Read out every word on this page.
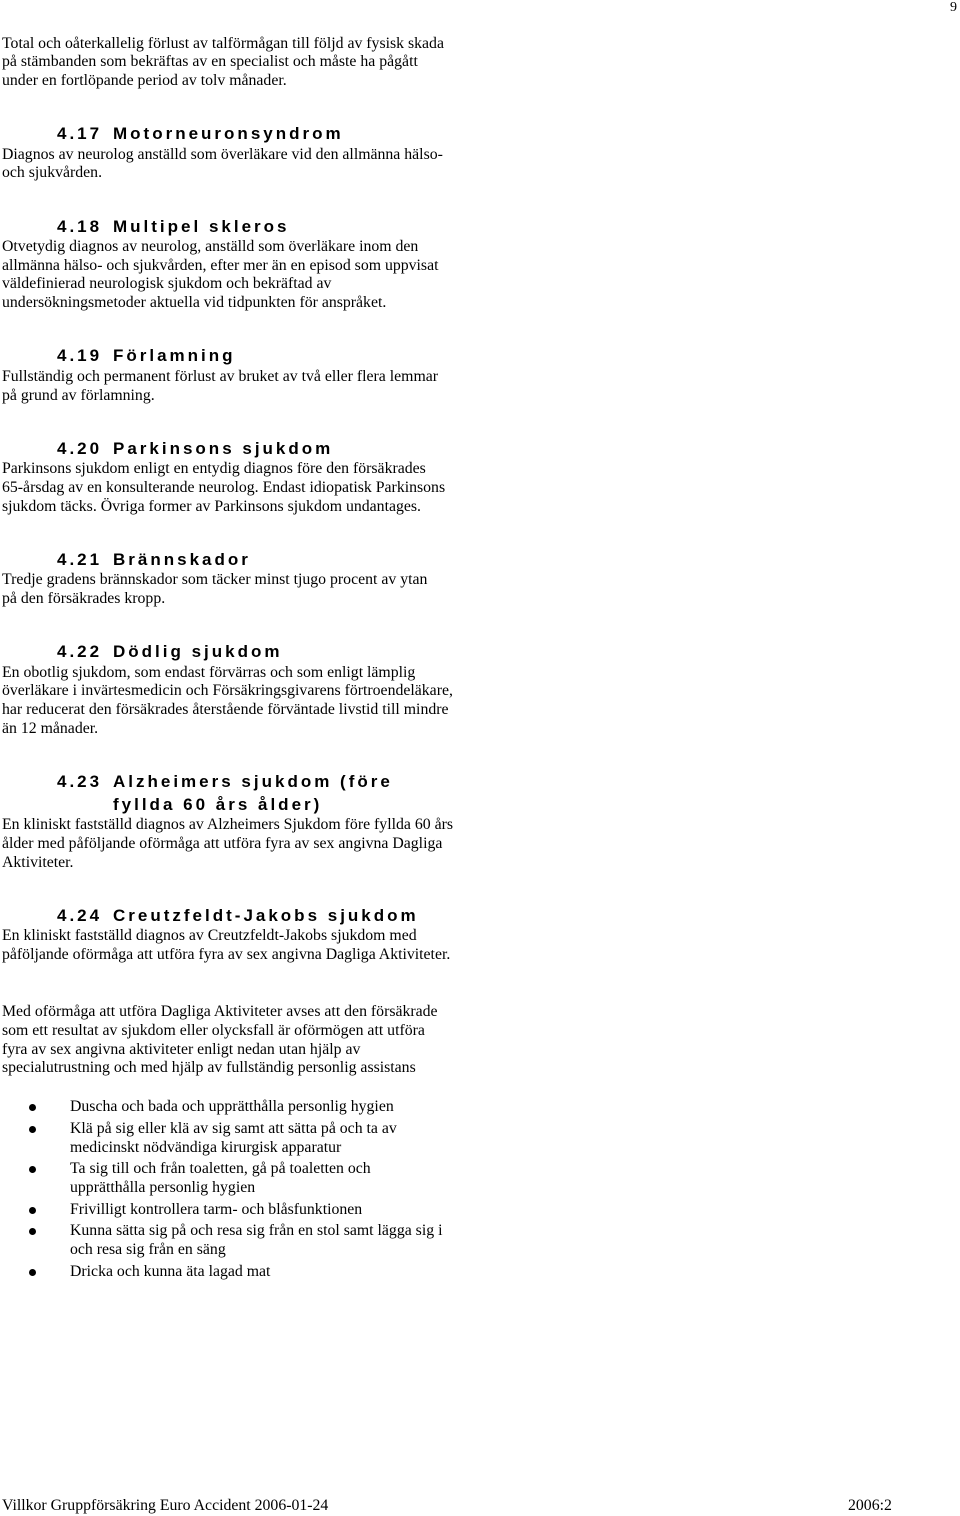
9
Total och oåterkallelig förlust av talförmågan till följd av fysisk skada
på stämbanden som bekräftas av en specialist och måste ha pågått
under en fortlöpande period av tolv månader.
4.17 Motorneuronsyndrom
Diagnos av neurolog anställd som överläkare vid den allmänna hälso-
och sjukvården.
4.18 Multipel skleros
Otvetydig diagnos av neurolog, anställd som överläkare inom den
allmänna hälso- och sjukvården, efter mer än en episod som uppvisat
väldefinierad neurologisk sjukdom och bekräftad av
undersökningsmetoder aktuella vid tidpunkten för anspråket.
4.19 Förlamning
Fullständig och permanent förlust av bruket av två eller flera lemmar
på grund av förlamning.
4.20 Parkinsons sjukdom
Parkinsons sjukdom enligt en entydig diagnos före den försäkrades
65-årsdag av en konsulterande neurolog. Endast idiopatisk Parkinsons
sjukdom täcks. Övriga former av Parkinsons sjukdom undantages.
4.21 Brännskador
Tredje gradens brännskador som täcker minst tjugo procent av ytan
på den försäkrades kropp.
4.22 Dödlig sjukdom
En obotlig sjukdom, som endast förvärras och som enligt lämplig
överläkare i invärtesmedicin och Försäkringsgivarens förtroendeläkare,
har reducerat den försäkrades återstående förväntade livstid till mindre
än 12 månader.
4.23 Alzheimers sjukdom (före fyllda 60 års ålder)
En kliniskt fastställd diagnos av Alzheimers Sjukdom före fyllda 60 års
ålder med påföljande oförmåga att utföra fyra av sex angivna Dagliga
Aktiviteter.
4.24 Creutzfeldt-Jakobs sjukdom
En kliniskt fastställd diagnos av Creutzfeldt-Jakobs sjukdom med
påföljande oförmåga att utföra fyra av sex angivna Dagliga Aktiviteter.
Med oförmåga att utföra Dagliga Aktiviteter avses att den försäkrade
som ett resultat av sjukdom eller olycksfall är oförmögen att utföra
fyra av sex angivna aktiviteter enligt nedan utan hjälp av
specialutrustning och med hjälp av fullständig personlig assistans
Duscha och bada och upprätthålla personlig hygien
Klä på sig eller klä av sig samt att sätta på och ta av
medicinskt nödvändiga kirurgisk apparatur
Ta sig till och från toaletten, gå på toaletten och
upprätthålla personlig hygien
Frivilligt kontrollera tarm- och blåsfunktionen
Kunna sätta sig på och resa sig från en stol samt lägga sig i
och resa sig från en säng
Dricka och kunna äta lagad mat
Villkor Gruppförsäkring Euro Accident 2006-01-24	2006:2
